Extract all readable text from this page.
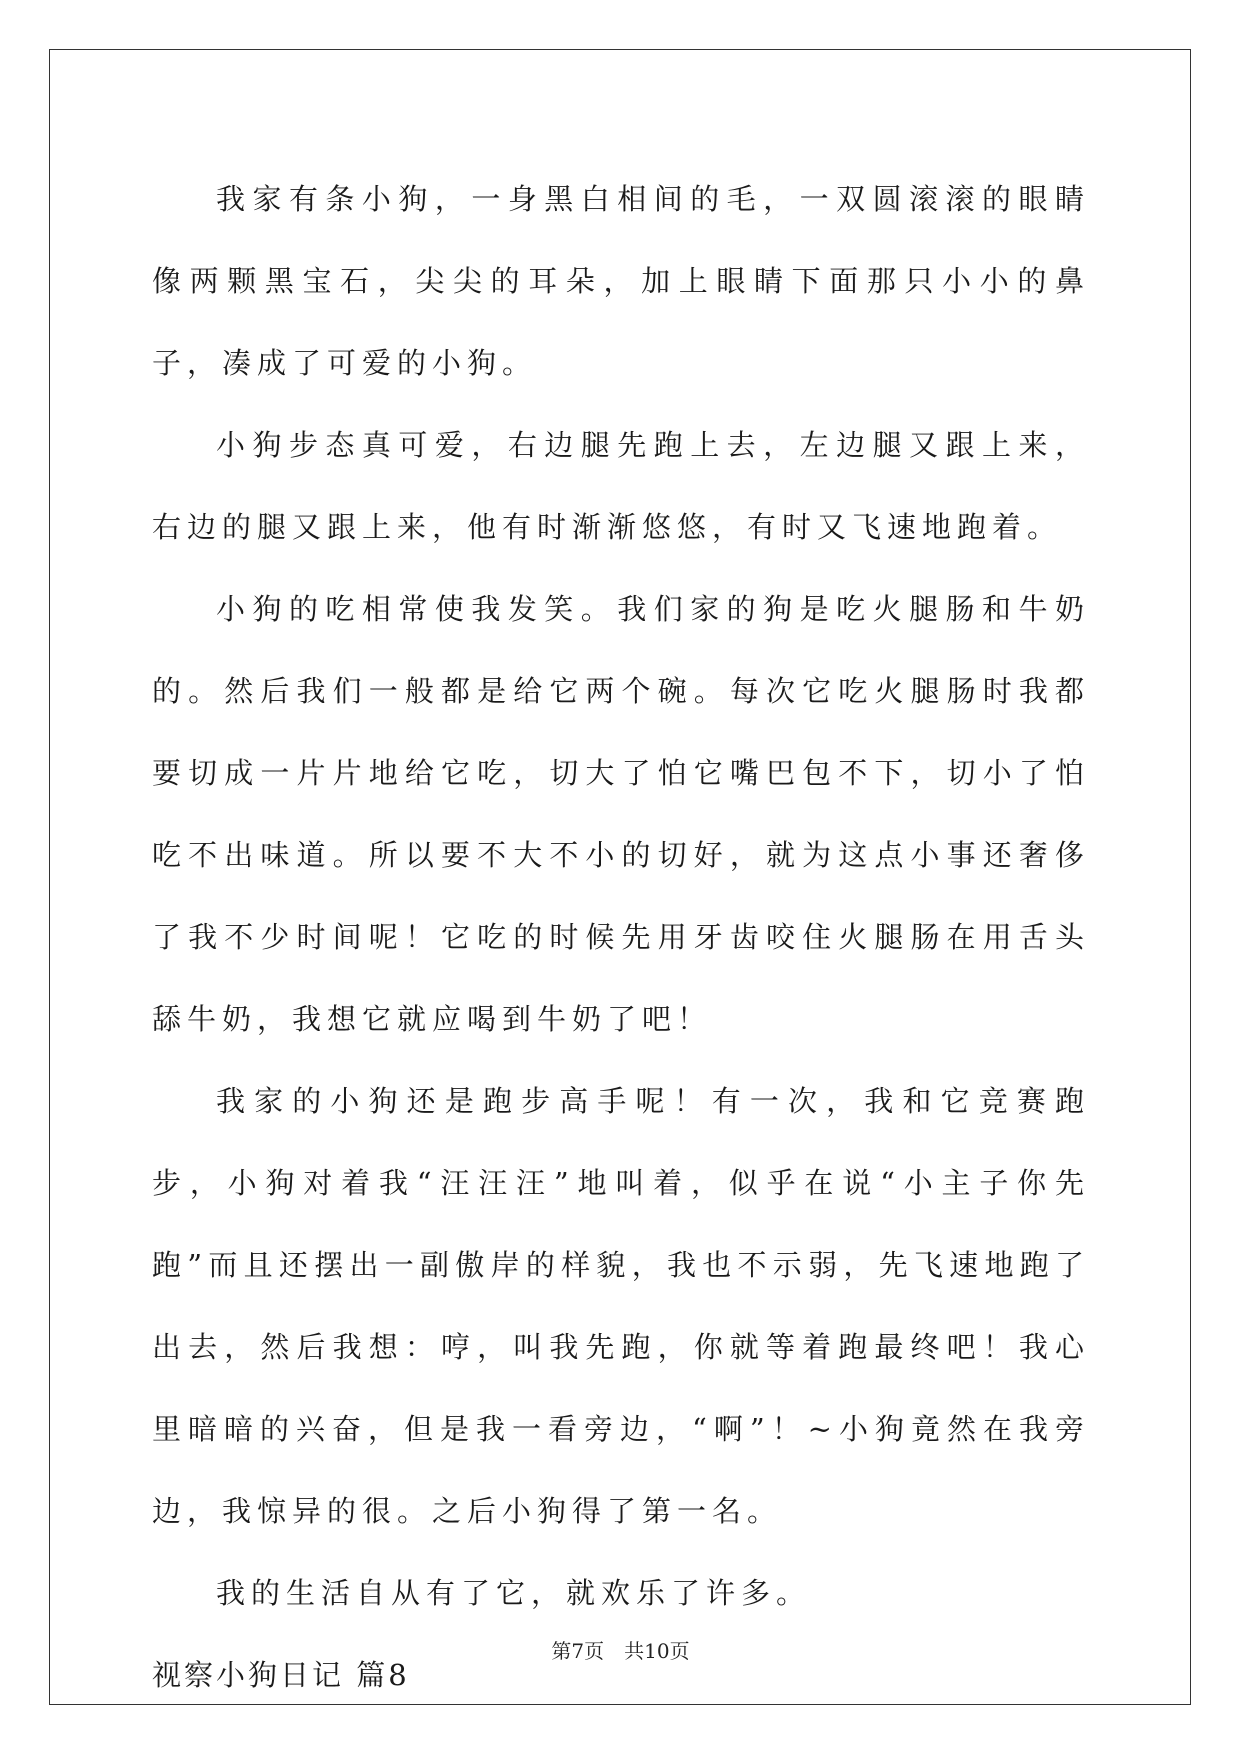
我家有条小狗，一身黑白相间的毛，一双圆滚滚的眼睛像两颗黑宝石，尖尖的耳朵，加上眼睛下面那只小小的鼻子，凑成了可爱的小狗。

小狗步态真可爱，右边腿先跑上去，左边腿又跟上来，右边的腿又跟上来，他有时渐渐悠悠，有时又飞速地跑着。

小狗的吃相常使我发笑。我们家的狗是吃火腿肠和牛奶的。然后我们一般都是给它两个碗。每次它吃火腿肠时我都要切成一片片地给它吃，切大了怕它嘴巴包不下，切小了怕吃不出味道。所以要不大不小的切好，就为这点小事还奢侈了我不少时间呢！它吃的时候先用牙齿咬住火腿肠在用舌头舔牛奶，我想它就应喝到牛奶了吧！

我家的小狗还是跑步高手呢！有一次，我和它竞赛跑步，小狗对着我“汪汪汪”地叫着，似乎在说“小主子你先跑”而且还摆出一副傲岸的样貌，我也不示弱，先飞速地跑了出去，然后我想：哼，叫我先跑，你就等着跑最终吧！我心里暗暗的兴奋，但是我一看旁边，“啊”！~小狗竟然在我旁边，我惊异的很。之后小狗得了第一名。

我的生活自从有了它，就欢乐了许多。

视察小狗日记 篇8

第7页 共10页
